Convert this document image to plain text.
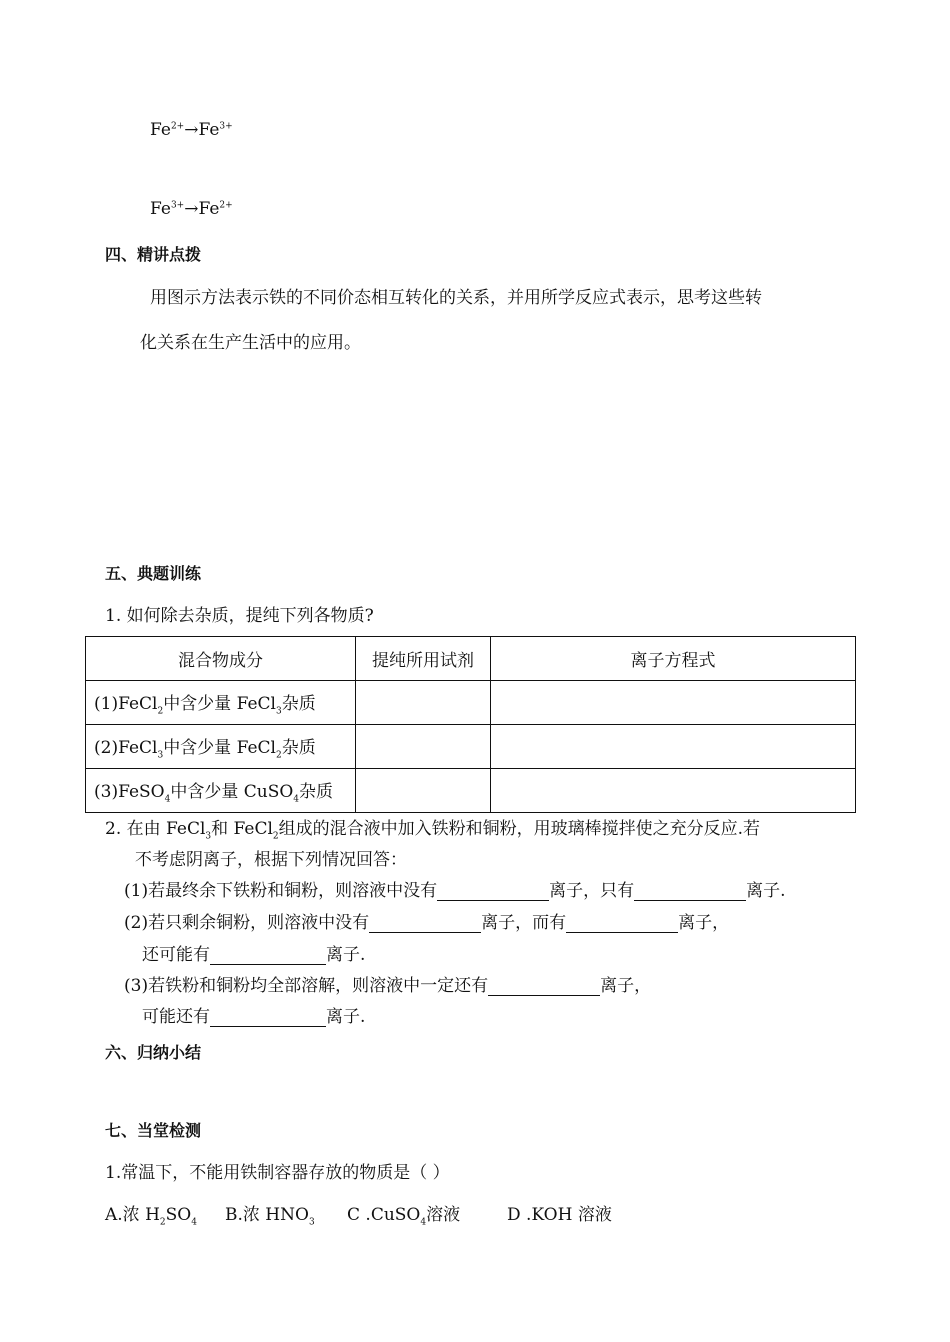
$Fe^{2+}\to Fe^{3+}$
$Fe^{3+}\to Fe^{2+}$
四、精讲点拨
用图示方法表示铁的不同价态相互转化的关系，并用所学反应式表示，思考这些转
化关系在生产生活中的应用。
五、典题训练
1. 如何除去杂质，提纯下列各物质?
混合物成分	提纯所用试剂	离子方程式
(1)FeCl$_2$中含少量 FeCl$_3$杂质		
(2)FeCl$_3$中含少量 FeCl$_2$杂质		
(3)FeSO$_4$中含少量 CuSO$_4$杂质		
2. 在由 FeCl$_3$和 FeCl$_2$组成的混合液中加入铁粉和铜粉，用玻璃棒搅拌使之充分反应.若
不考虑阴离子，根据下列情况回答：
(1)若最终余下铁粉和铜粉，则溶液中没有	离子，只有	离子.
(2)若只剩余铜粉，则溶液中没有	离子，而有	离子，
还可能有	离子.
(3)若铁粉和铜粉均全部溶解，则溶液中一定还有	离子，
可能还有	离子.
六、归纳小结
七、当堂检测
1.常温下，不能用铁制容器存放的物质是（ ）
A.浓 $H_2SO_4$ B.浓 $HNO_3$ C .CuSO$_4$溶液	D .KOH 溶液
